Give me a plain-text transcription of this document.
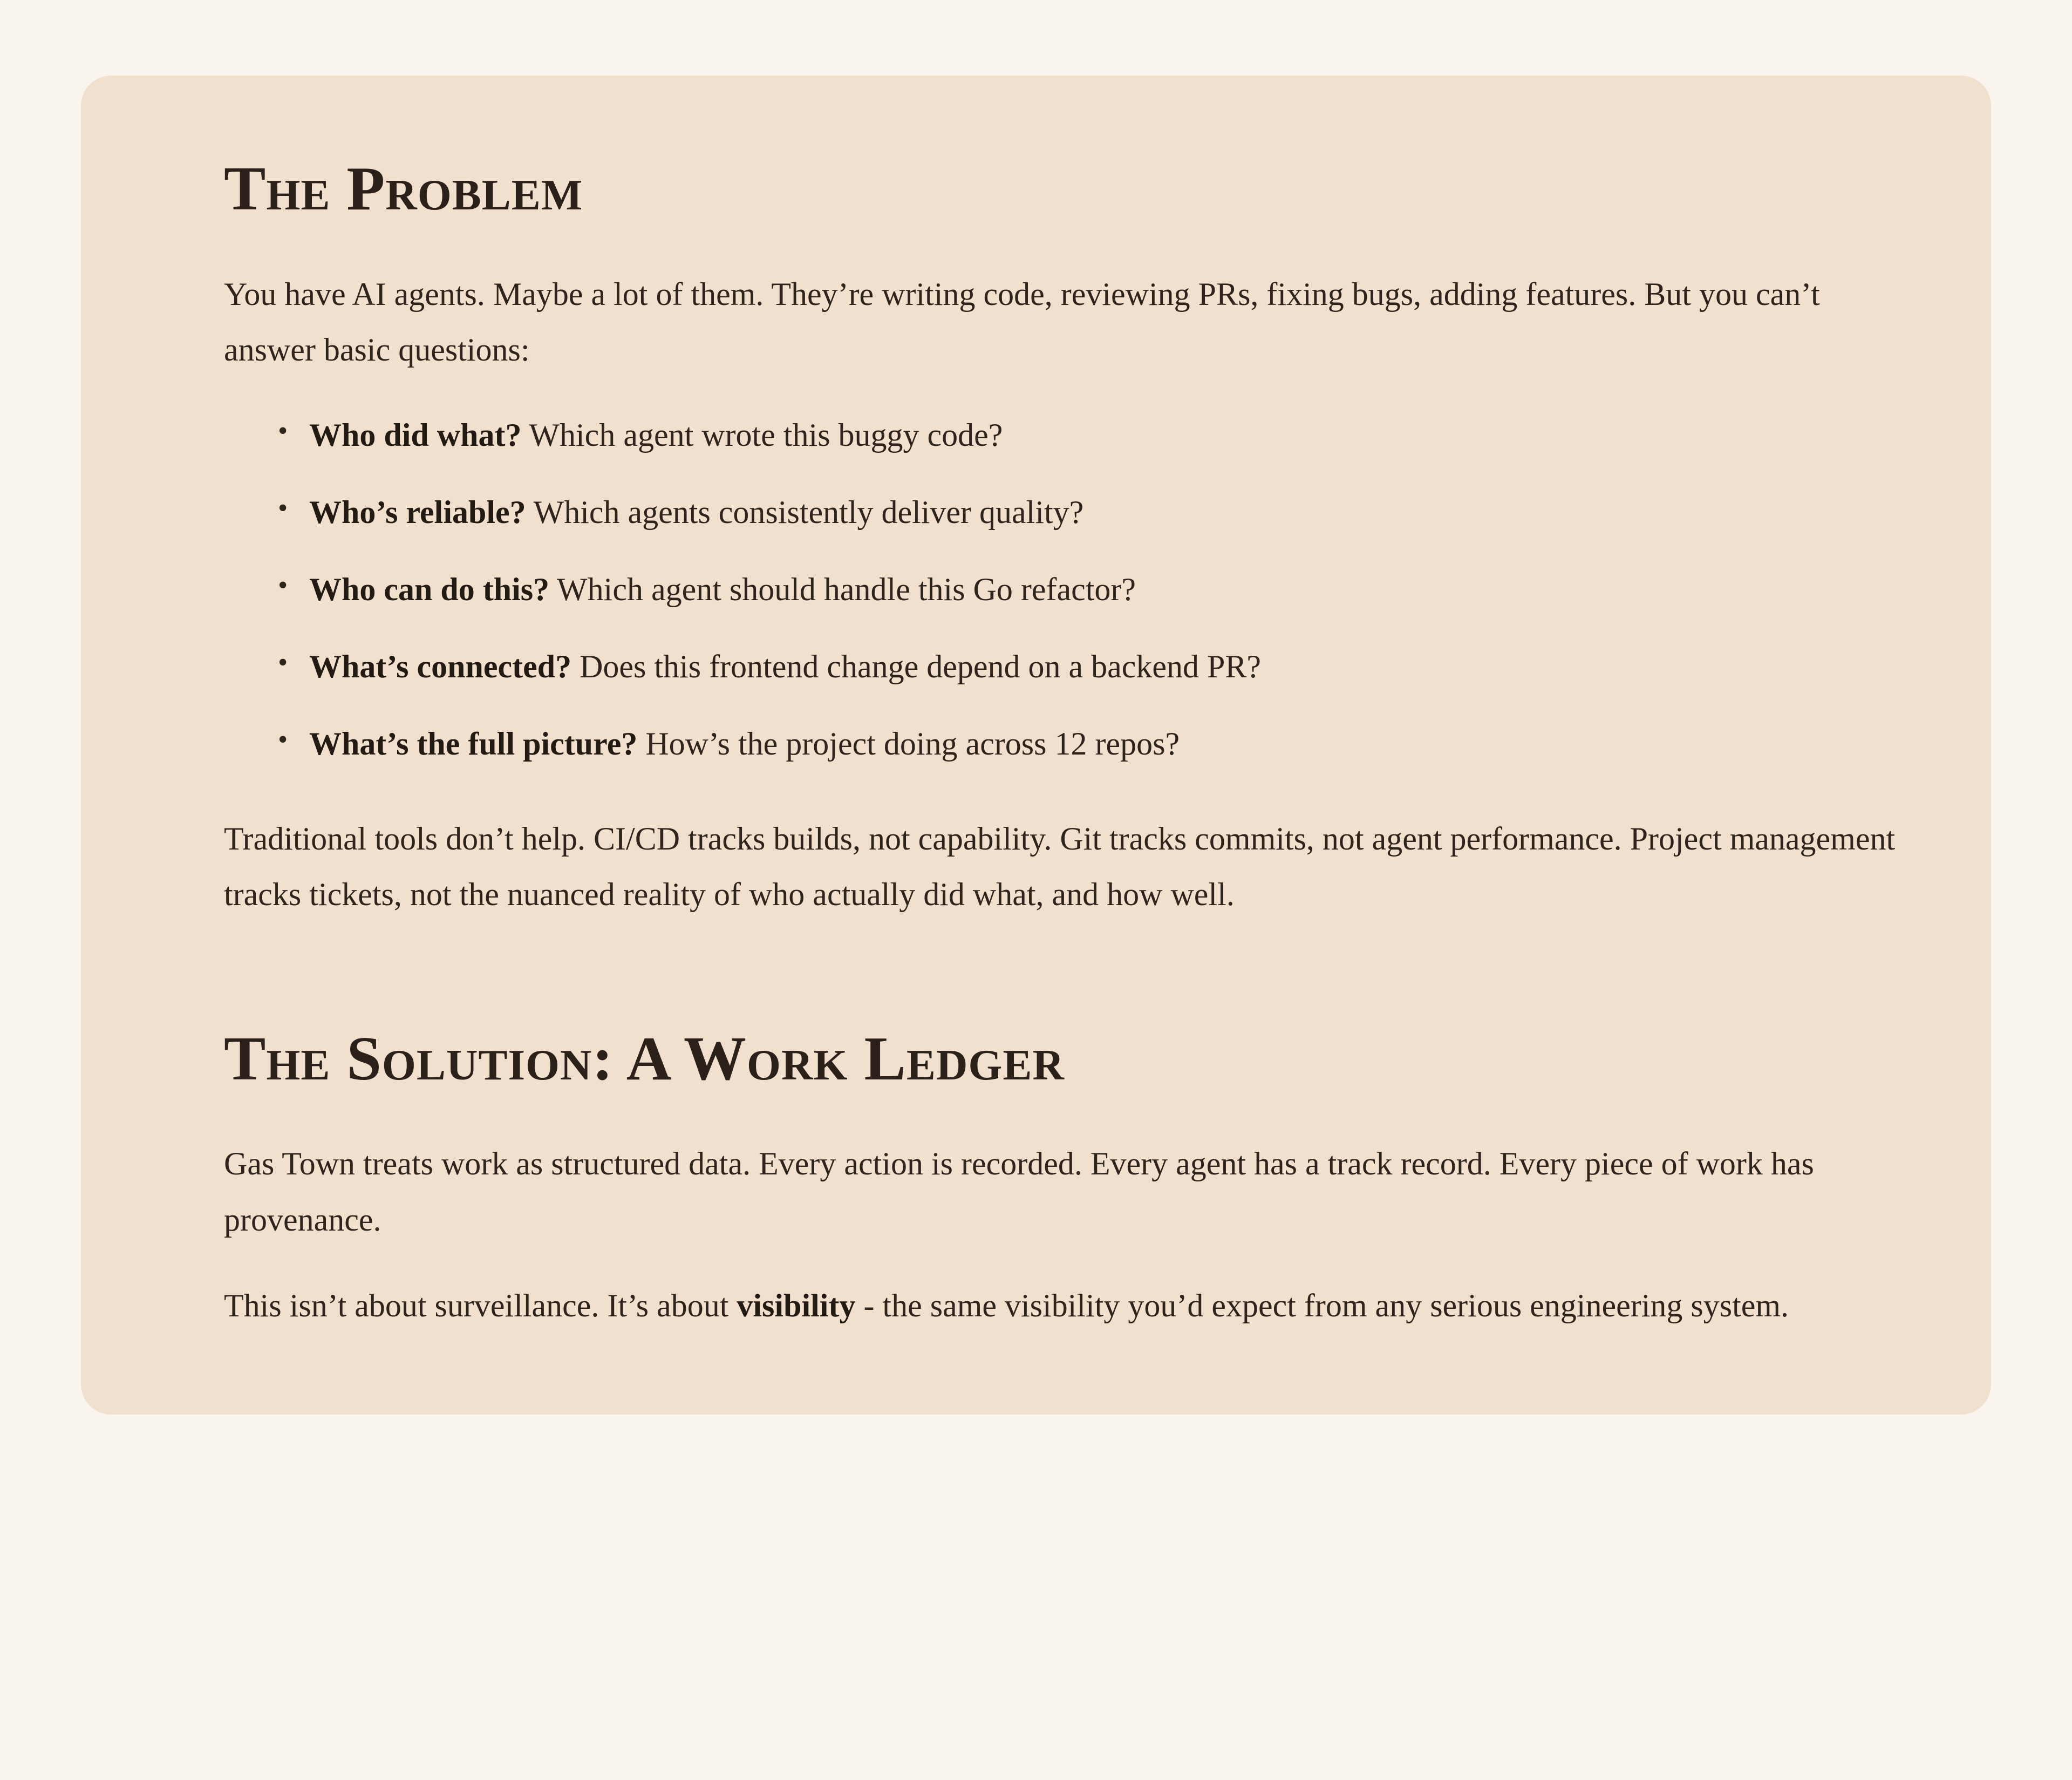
The Problem

You have AI agents. Maybe a lot of them. They’re writing code, reviewing PRs, fixing bugs, adding features. But you can’t answer basic questions:

• Who did what? Which agent wrote this buggy code?
• Who’s reliable? Which agents consistently deliver quality?
• Who can do this? Which agent should handle this Go refactor?
• What’s connected? Does this frontend change depend on a backend PR?
• What’s the full picture? How’s the project doing across 12 repos?

Traditional tools don’t help. CI/CD tracks builds, not capability. Git tracks commits, not agent performance. Project management tracks tickets, not the nuanced reality of who actually did what, and how well.

The Solution: A Work Ledger

Gas Town treats work as structured data. Every action is recorded. Every agent has a track record. Every piece of work has provenance.

This isn’t about surveillance. It’s about visibility - the same visibility you’d expect from any serious engineering system.
